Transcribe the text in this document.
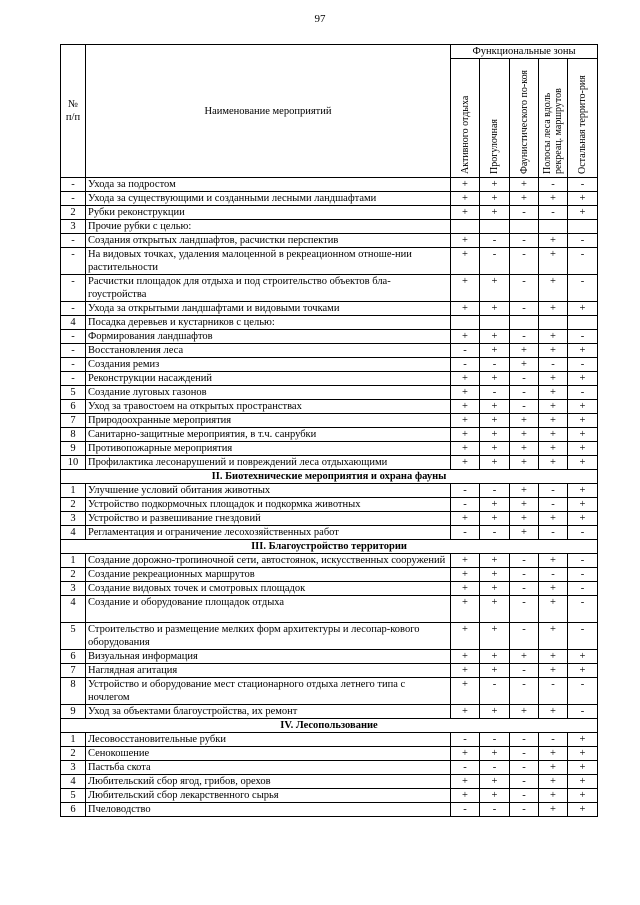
97
№ п/п	Наименование мероприятий	Функциональные зоны				

		Активного отдыха	Прогулочная	Фаунистического по-коя	Полосы леса вдоль рекреац. маршрутов	Остальная террито-рия

-	Ухода за подростом	+	+	+	-	-
-	Ухода за существующими и созданными лесными ландшафтами	+	+	+	+	+
2	Рубки реконструкции	+	+	-	-	+
3	Прочие рубки с целью:					
-	Создания открытых ландшафтов, расчистки перспектив	+	-	-	+	-
-	На видовых точках, удаления малоценной в рекреационном отноше-нии растительности	+	-	-	+	-
-	Расчистки площадок для отдыха и под строительство объектов бла-гоустройства	+	+	-	+	-
-	Ухода за открытыми ландшафтами и видовыми точками	+	+	-	+	+
4	Посадка деревьев и кустарников с целью:					
-	Формирования ландшафтов	+	+	-	+	-
-	Восстановления леса	-	+	+	+	+
-	Создания ремиз	-	-	+	-	-
-	Реконструкции насаждений	+	+	-	+	+
5	Создание луговых газонов	+	-	-	+	-
6	Уход за травостоем на открытых пространствах	+	+	-	+	+
7	Природоохранные мероприятия	+	+	+	+	+
8	Санитарно-защитные мероприятия, в т.ч. санрубки	+	+	+	+	+
9	Противопожарные мероприятия	+	+	+	+	+
10	Профилактика лесонарушений и повреждений леса отдыхающими	+	+	+	+	+
II. Биотехнические мероприятия и охрана фауны						
1	Улучшение условий обитания животных	-	-	+	-	+
2	Устройство подкормочных площадок и подкормка животных	-	+	+	-	+
3	Устройство и развешивание гнездовий	+	+	+	+	+
4	Регламентация и ограничение лесохозяйственных работ	-	-	+	-	-
III. Благоустройство территории						
1	Создание дорожно-тропиночной сети, автостоянок, искусственных сооружений	+	+	-	+	-
2	Создание рекреационных маршрутов	+	+	-	-	-
3	Создание видовых точек и смотровых площадок	+	+	-	+	-
4	Создание и оборудование площадок отдыха	+	+	-	+	-
5	Строительство и размещение мелких форм архитектуры и лесопар-кового оборудования	+	+	-	+	-
6	Визуальная информация	+	+	+	+	+
7	Наглядная агитация	+	+	-	+	+
8	Устройство и оборудование мест стационарного отдыха летнего типа с ночлегом	+	-	-	-	-
9	Уход за объектами благоустройства, их ремонт	+	+	+	+	-
IV. Лесопользование						
1	Лесовосстановительные рубки	-	-	-	-	+
2	Сенокошение	+	+	-	+	+
3	Пастьба скота	-	-	-	+	+
4	Любительский сбор ягод, грибов, орехов	+	+	-	+	+
5	Любительский сбор лекарственного сырья	+	+	-	+	+
6	Пчеловодство	-	-	-	+	+
